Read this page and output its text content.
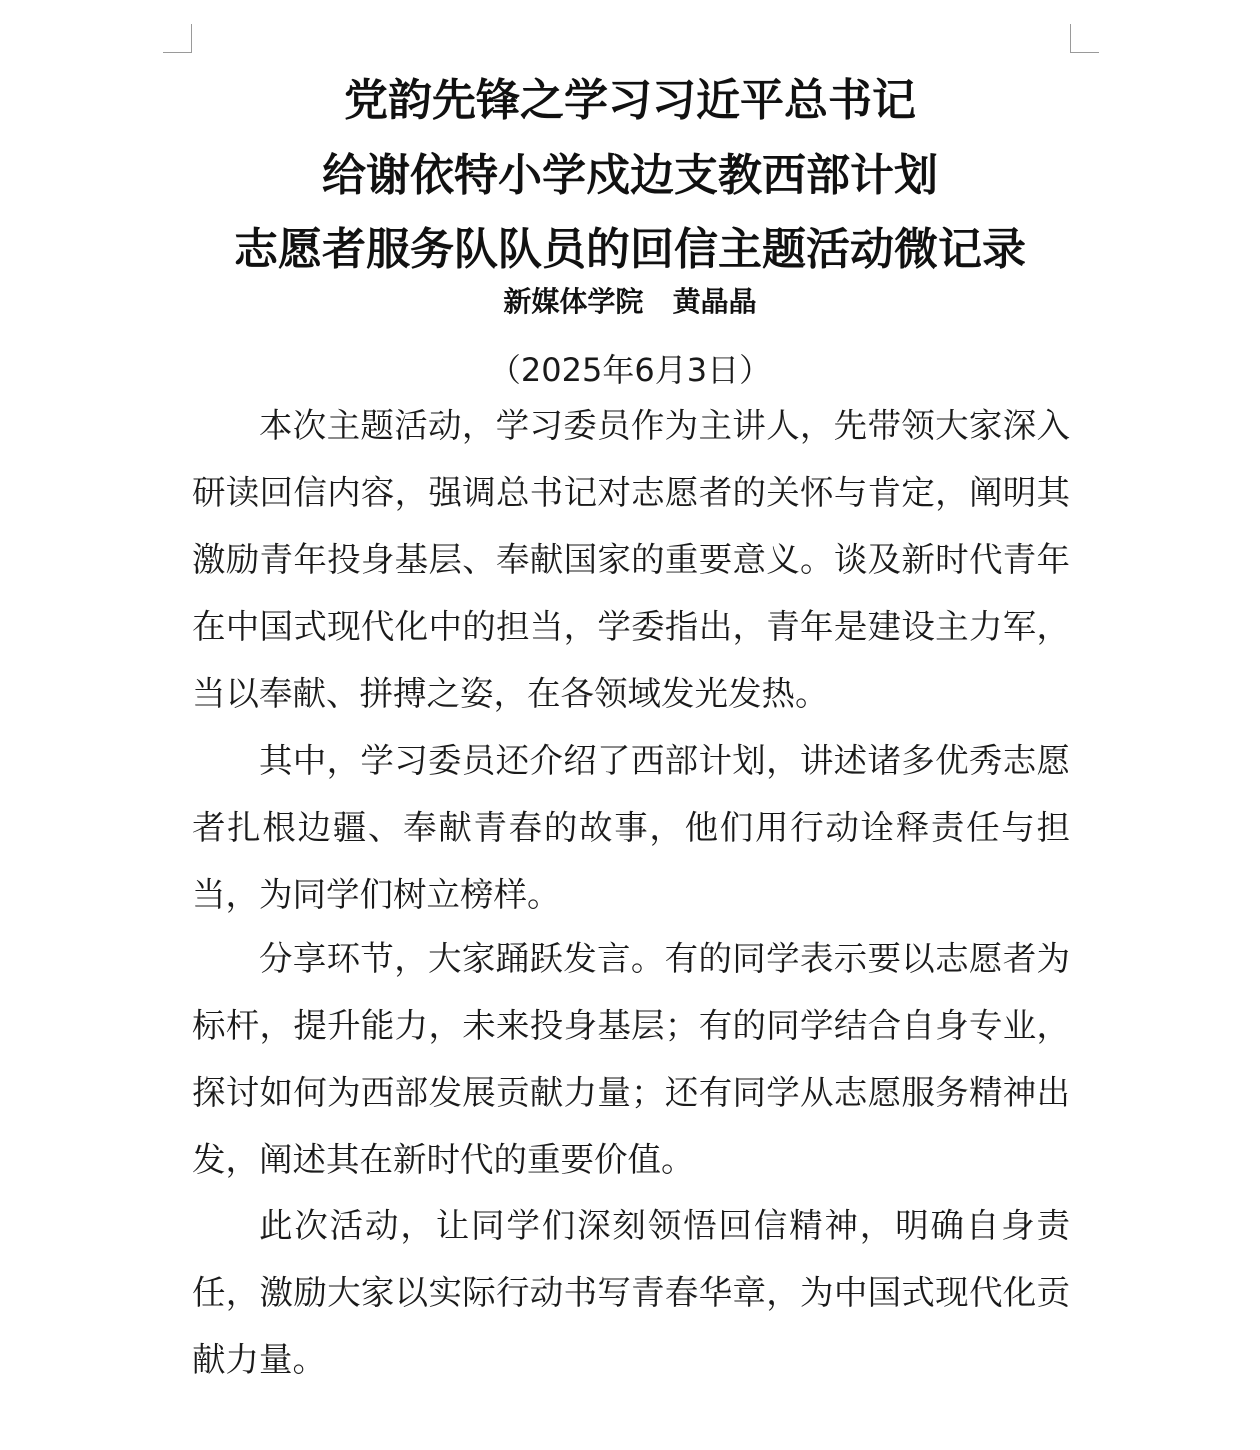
党韵先锋之学习习近平总书记
给谢依特小学戍边支教西部计划
志愿者服务队队员的回信主题活动微记录
新媒体学院   黄晶晶
（2025年6月3日）

本次主题活动，学习委员作为主讲人，先带领大家深入研读回信内容，强调总书记对志愿者的关怀与肯定，阐明其激励青年投身基层、奉献国家的重要意义。谈及新时代青年在中国式现代化中的担当，学委指出，青年是建设主力军，当以奉献、拼搏之姿，在各领域发光发热。

其中，学习委员还介绍了西部计划，讲述诸多优秀志愿者扎根边疆、奉献青春的故事，他们用行动诠释责任与担当，为同学们树立榜样。

分享环节，大家踊跃发言。有的同学表示要以志愿者为标杆，提升能力，未来投身基层；有的同学结合自身专业，探讨如何为西部发展贡献力量；还有同学从志愿服务精神出发，阐述其在新时代的重要价值。

此次活动，让同学们深刻领悟回信精神，明确自身责任，激励大家以实际行动书写青春华章，为中国式现代化贡献力量。
